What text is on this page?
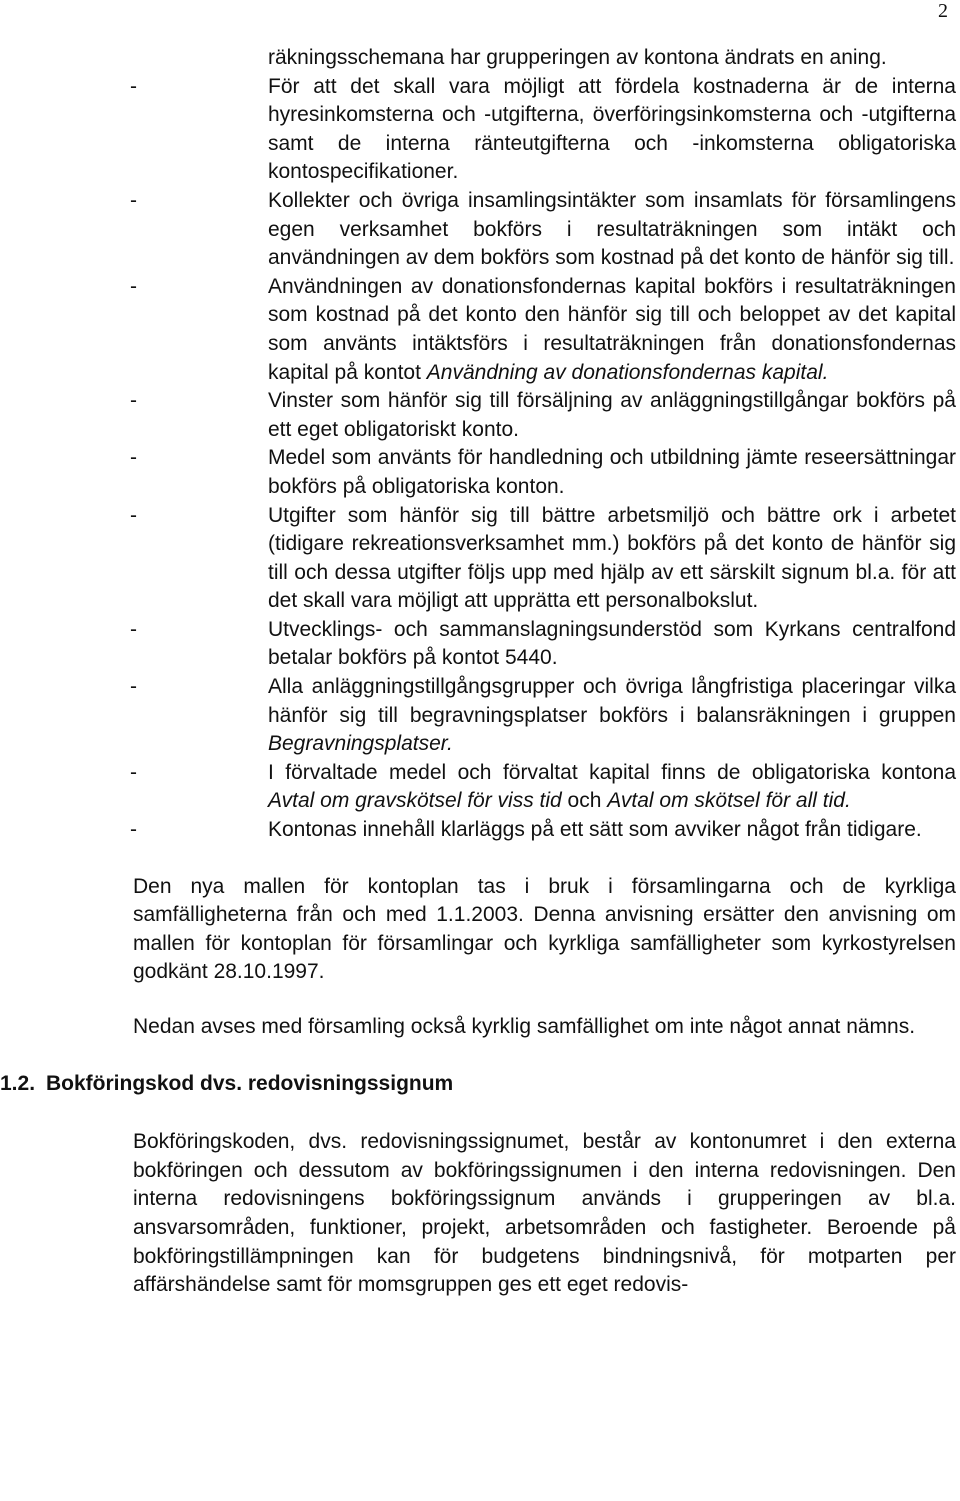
2

räkningsschemana har grupperingen av kontona ändrats en aning.

-	För att det skall vara möjligt att fördela kostnaderna är de interna hyresinkomsterna och -utgifterna, överföringsinkomsterna och -utgifterna samt de interna ränteutgifterna och -inkomsterna obligatoriska kontospecifikationer.
-	Kollekter och övriga insamlingsintäkter som insamlats för församlingens egen verksamhet bokförs i resultaträkningen som intäkt och användningen av dem bokförs som kostnad på det konto de hänför sig till.
-	Användningen av donationsfondernas kapital bokförs i resultaträkningen som kostnad på det konto den hänför sig till och beloppet av det kapital som använts intäktsförs i resultaträkningen från donationsfondernas kapital på kontot Användning av donationsfondernas kapital.
-	Vinster som hänför sig till försäljning av anläggningstillgångar bokförs på ett eget obligatoriskt konto.
-	Medel som använts för handledning och utbildning jämte reseersättningar bokförs på obligatoriska konton.
-	Utgifter som hänför sig till bättre arbetsmiljö och bättre ork i arbetet (tidigare rekreationsverksamhet mm.) bokförs på det konto de hänför sig till och dessa utgifter följs upp med hjälp av ett särskilt signum bl.a. för att det skall vara möjligt att upprätta ett personalbokslut.
-	Utvecklings- och sammanslagningsunderstöd som Kyrkans centralfond betalar bokförs på kontot 5440.
-	Alla anläggningstillgångsgrupper och övriga långfristiga placeringar vilka hänför sig till begravningsplatser bokförs i balansräkningen i gruppen Begravningsplatser.
-	I förvaltade medel och förvaltat kapital finns de obligatoriska kontona Avtal om gravskötsel för viss tid och Avtal om skötsel för all tid.
-	Kontonas innehåll klarläggs på ett sätt som avviker något från tidigare.

Den nya mallen för kontoplan tas i bruk i församlingarna och de kyrkliga samfälligheterna från och med 1.1.2003. Denna anvisning ersätter den anvisning om mallen för kontoplan för församlingar och kyrkliga samfälligheter som kyrkostyrelsen godkänt 28.10.1997.

Nedan avses med församling också kyrklig samfällighet om inte något annat nämns.

1.2. Bokföringskod dvs. redovisningssignum

Bokföringskoden, dvs. redovisningssignumet, består av kontonumret i den externa bokföringen och dessutom av bokföringssignumen i den interna redovisningen. Den interna redovisningens bokföringssignum används i grupperingen av bl.a. ansvarsområden, funktioner, projekt, arbetsområden och fastigheter. Beroende på bokföringstillämpningen kan för budgetens bindningsnivå, för motparten per affärshändelse samt för momsgruppen ges ett eget redovis-
